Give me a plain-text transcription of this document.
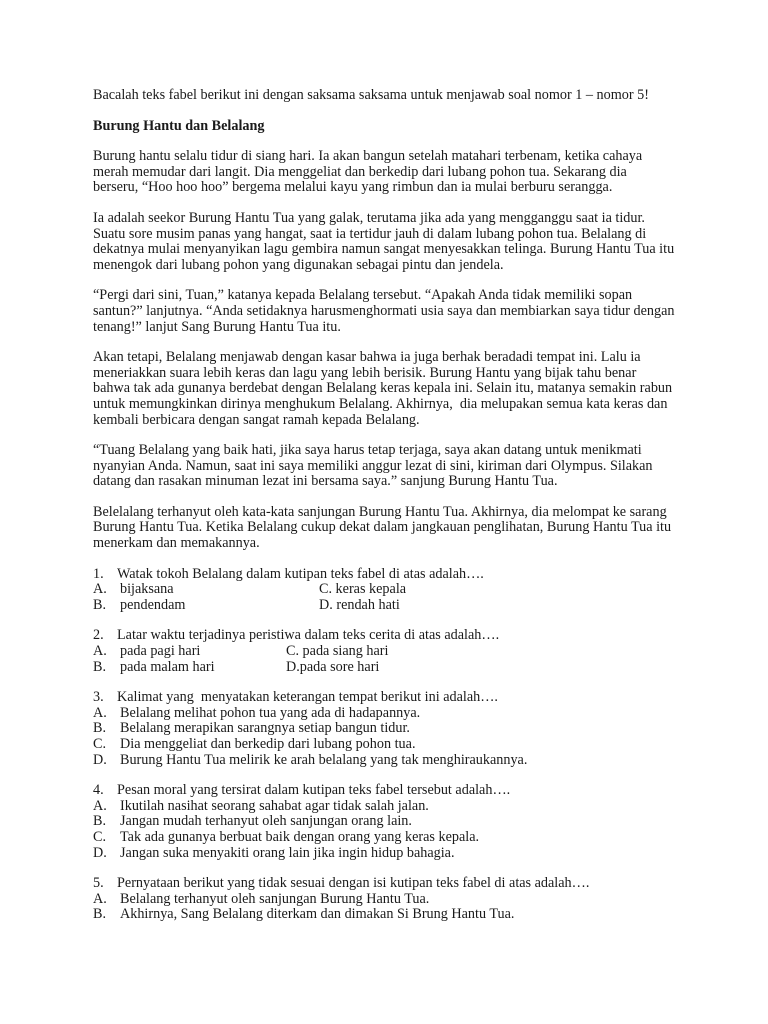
Bacalah teks fabel berikut ini dengan saksama saksama untuk menjawab soal nomor 1 – nomor 5!
Burung Hantu dan Belalang
Burung hantu selalu tidur di siang hari. Ia akan bangun setelah matahari terbenam, ketika cahaya
merah memudar dari langit. Dia menggeliat dan berkedip dari lubang pohon tua. Sekarang dia
berseru, “Hoo hoo hoo” bergema melalui kayu yang rimbun dan ia mulai berburu serangga.
Ia adalah seekor Burung Hantu Tua yang galak, terutama jika ada yang mengganggu saat ia tidur.
Suatu sore musim panas yang hangat, saat ia tertidur jauh di dalam lubang pohon tua. Belalang di
dekatnya mulai menyanyikan lagu gembira namun sangat menyesakkan telinga. Burung Hantu Tua itu
menengok dari lubang pohon yang digunakan sebagai pintu dan jendela.
“Pergi dari sini, Tuan,” katanya kepada Belalang tersebut. “Apakah Anda tidak memiliki sopan
santun?” lanjutnya. “Anda setidaknya harusmenghormati usia saya dan membiarkan saya tidur dengan
tenang!” lanjut Sang Burung Hantu Tua itu.
Akan tetapi, Belalang menjawab dengan kasar bahwa ia juga berhak beradadi tempat ini. Lalu ia
meneriakkan suara lebih keras dan lagu yang lebih berisik. Burung Hantu yang bijak tahu benar
bahwa tak ada gunanya berdebat dengan Belalang keras kepala ini. Selain itu, matanya semakin rabun
untuk memungkinkan dirinya menghukum Belalang. Akhirnya,  dia melupakan semua kata keras dan
kembali berbicara dengan sangat ramah kepada Belalang.
“Tuang Belalang yang baik hati, jika saya harus tetap terjaga, saya akan datang untuk menikmati
nyanyian Anda. Namun, saat ini saya memiliki anggur lezat di sini, kiriman dari Olympus. Silakan
datang dan rasakan minuman lezat ini bersama saya.” sanjung Burung Hantu Tua.
Belelalang terhanyut oleh kata-kata sanjungan Burung Hantu Tua. Akhirnya, dia melompat ke sarang
Burung Hantu Tua. Ketika Belalang cukup dekat dalam jangkauan penglihatan, Burung Hantu Tua itu
menerkam dan memakannya.
1. Watak tokoh Belalang dalam kutipan teks fabel di atas adalah….
A. bijaksana	C. keras kepala
B. pendendam	D. rendah hati
2. Latar waktu terjadinya peristiwa dalam teks cerita di atas adalah….
A. pada pagi hari	C. pada siang hari
B. pada malam hari	D.pada sore hari
3. Kalimat yang  menyatakan keterangan tempat berikut ini adalah….
A. Belalang melihat pohon tua yang ada di hadapannya.
B. Belalang merapikan sarangnya setiap bangun tidur.
C. Dia menggeliat dan berkedip dari lubang pohon tua.
D. Burung Hantu Tua melirik ke arah belalang yang tak menghiraukannya.
4. Pesan moral yang tersirat dalam kutipan teks fabel tersebut adalah….
A. Ikutilah nasihat seorang sahabat agar tidak salah jalan.
B. Jangan mudah terhanyut oleh sanjungan orang lain.
C. Tak ada gunanya berbuat baik dengan orang yang keras kepala.
D. Jangan suka menyakiti orang lain jika ingin hidup bahagia.
5. Pernyataan berikut yang tidak sesuai dengan isi kutipan teks fabel di atas adalah….
A. Belalang terhanyut oleh sanjungan Burung Hantu Tua.
B. Akhirnya, Sang Belalang diterkam dan dimakan Si Brung Hantu Tua.
